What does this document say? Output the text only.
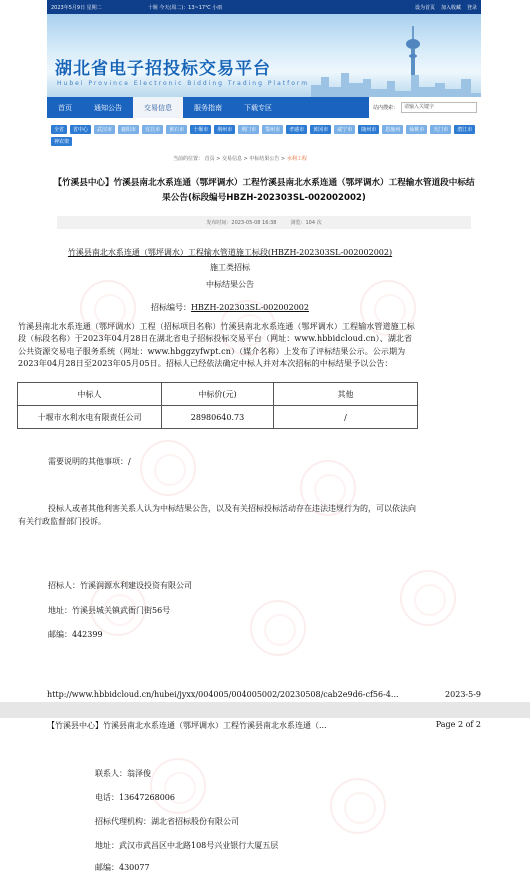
2023年5月9日 星期二	十堰 今天(周二)：13~17℃ 小雨	设为首页 加入收藏 登录
湖北省电子招投标交易平台
Hubei Province Electronic Bidding Trading Platform
首页	通知公告	交易信息	服务指南	下载专区	站内搜索：	请输入关键字
全省	省中心	武汉市	襄阳市	宜昌市	黄石市	十堰市	荆州市	荆门市	鄂州市	孝感市	黄冈市	咸宁市	随州市	恩施州	仙桃市	天门市	潜江市
神农架
当前的位置： 首页 > 交易信息 > 中标结果公告 > 水利工程
【竹溪县中心】竹溪县南北水系连通（鄂坪调水）工程竹溪县南北水系连通（鄂坪调水）工程输水管道段中标结果公告(标段编号HBZH-202303SL-002002002)
发布时间：2023-05-08 16:38	浏览：104 次
竹溪县南北水系连通（鄂坪调水）工程输水管道施工标段(HBZH-202303SL-002002002)
施工类招标
中标结果公告
招标编号：HBZH-202303SL-002002002
竹溪县南北水系连通（鄂坪调水）工程（招标项目名称）竹溪县南北水系连通（鄂坪调水）工程输水管道施工标段（标段名称）于2023年04月28日在湖北省电子招标投标交易平台（网址：www.hbbidcloud.cn）、湖北省公共资源交易电子服务系统（网址：www.hbggzyfwpt.cn）（媒介名称）上发布了评标结果公示。公示期为2023年04月28日至2023年05月05日。招标人已经依法确定中标人并对本次招标的中标结果予以公告：
中标人	中标价(元)	其他
十堰市水利水电有限责任公司	28980640.73	/
需要说明的其他事项：/
投标人或者其他利害关系人认为中标结果公告，以及有关招标投标活动存在违法违规行为的，可以依法向有关行政监督部门投诉。
招标人：竹溪润源水利建设投资有限公司
地址：竹溪县城关镇武衙门街56号
邮编：442399
http://www.hbbidcloud.cn/hubei/jyxx/004005/004005002/20230508/cab2e9d6-cf56-4...	2023-5-9
【竹溪县中心】竹溪县南北水系连通（鄂坪调水）工程竹溪县南北水系连通（...	Page 2 of 2
联系人：翁泽俊
电话：13647268006
招标代理机构：湖北省招标股份有限公司
地址：武汉市武昌区中北路108号兴业银行大厦五层
邮编：430077
